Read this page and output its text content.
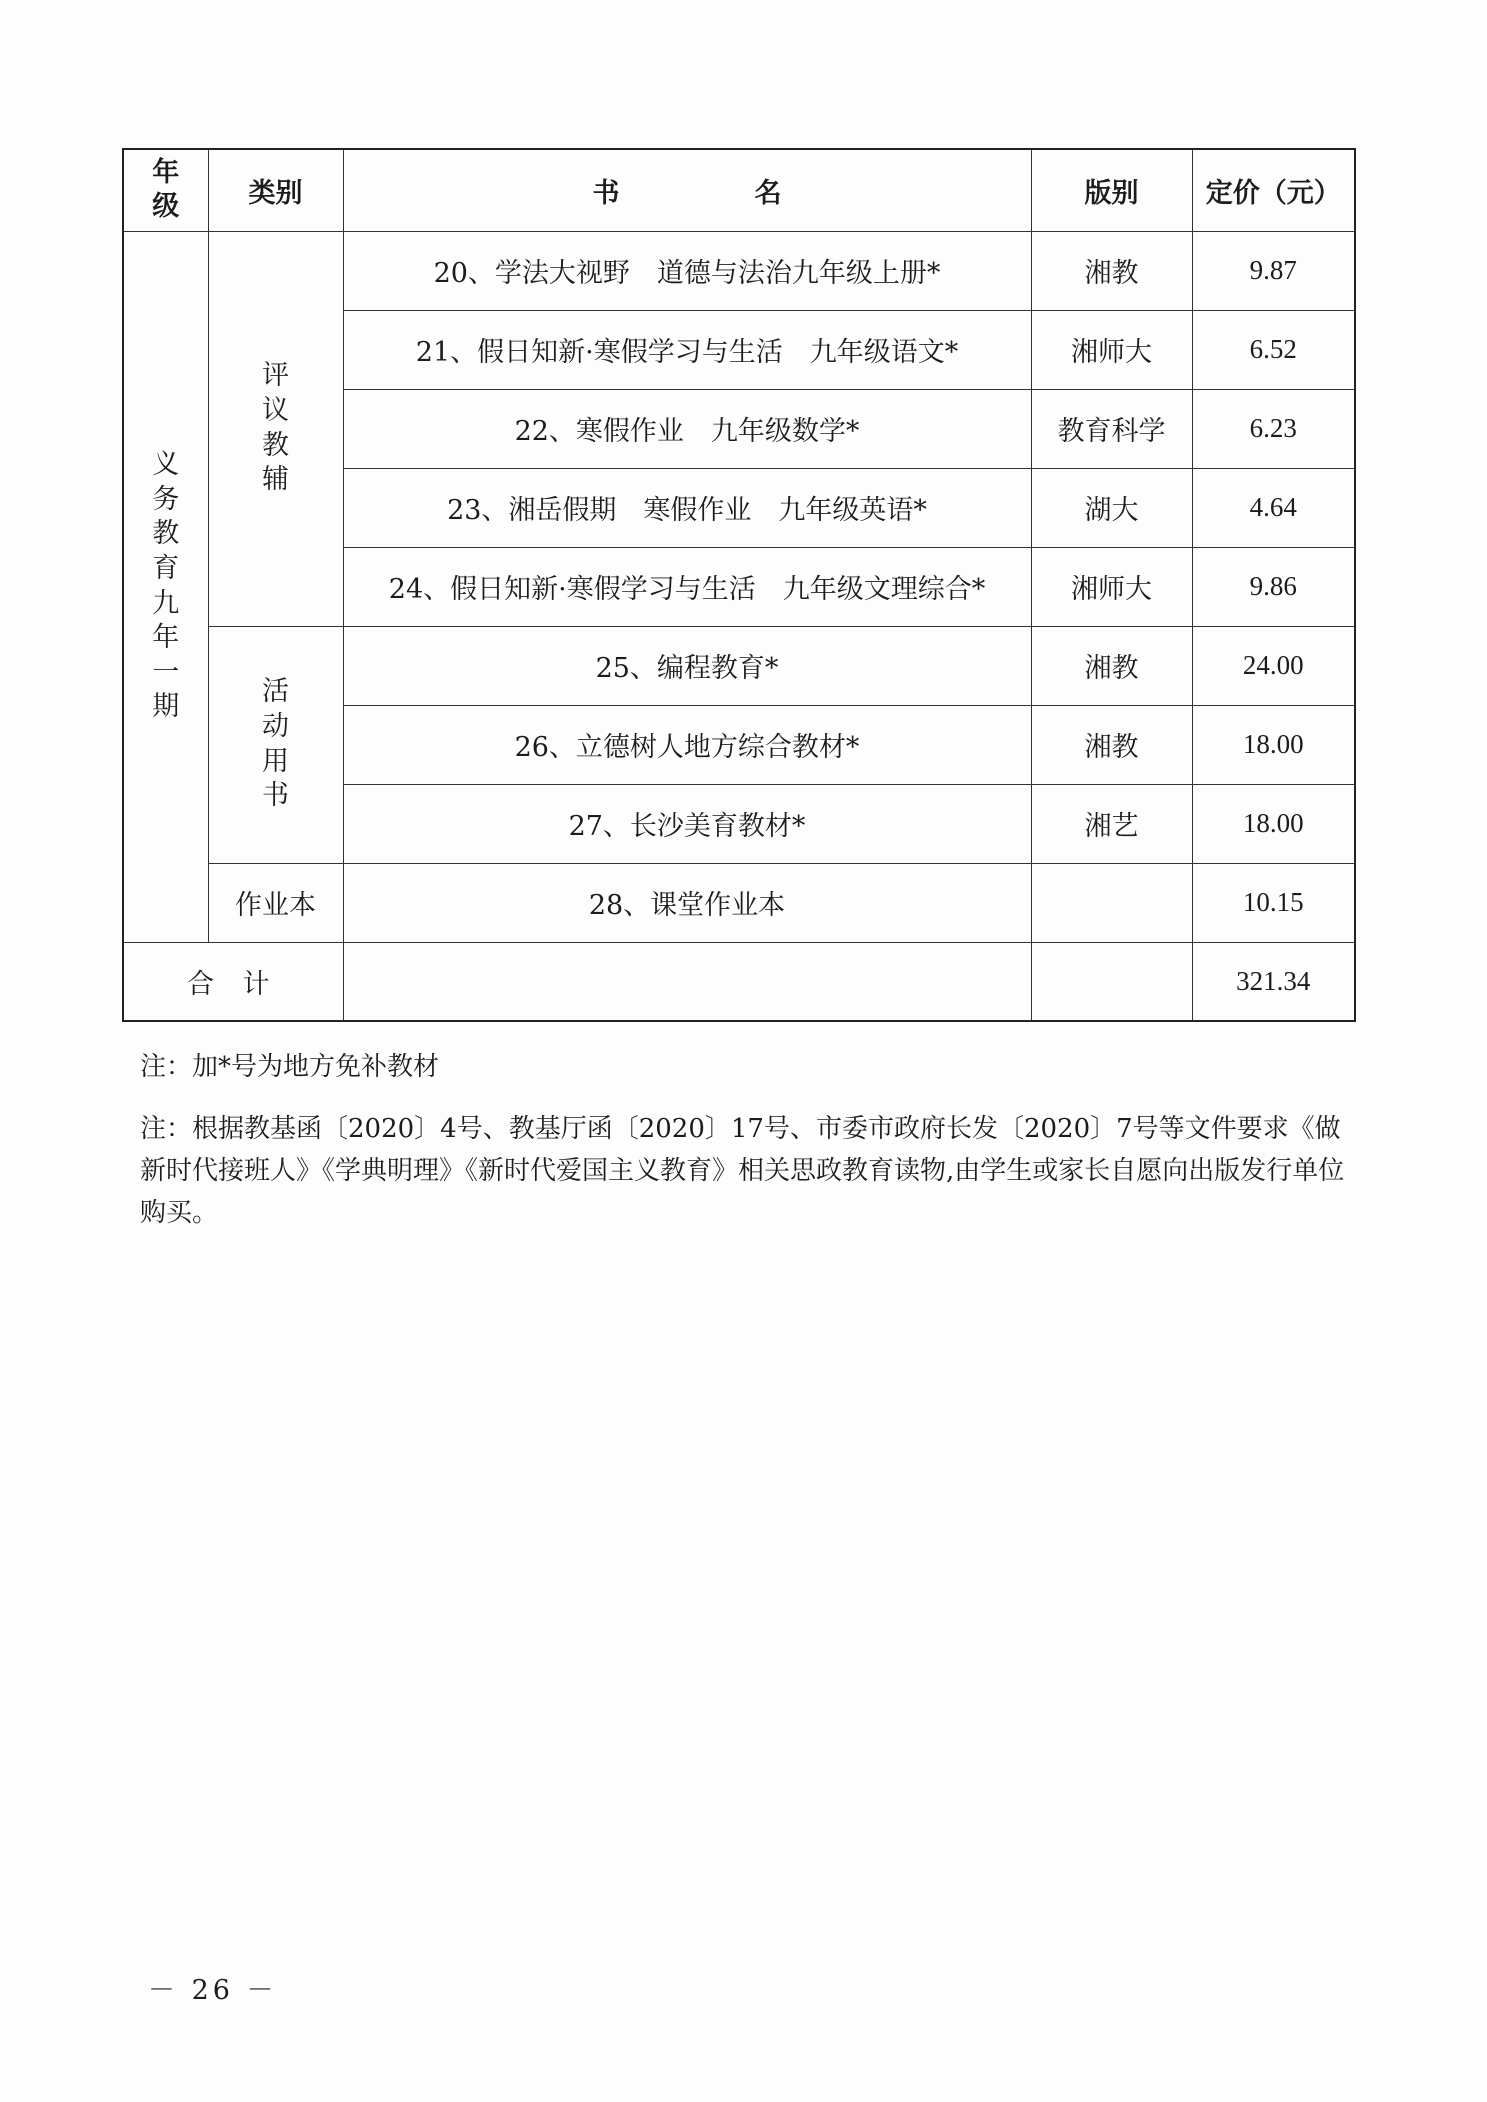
年级	类别	书　　　　　名	版别	定价（元）
义务教育九年一期	评议教辅	20、学法大视野　道德与法治九年级上册*	湘教	9.87
		21、假日知新·寒假学习与生活　九年级语文*	湘师大	6.52
		22、寒假作业　九年级数学*	教育科学	6.23
		23、湘岳假期　寒假作业　九年级英语*	湖大	4.64
		24、假日知新·寒假学习与生活　九年级文理综合*	湘师大	9.86
	活动用书	25、编程教育*	湘教	24.00
		26、立德树人地方综合教材*	湘教	18.00
		27、长沙美育教材*	湘艺	18.00
	作业本	28、课堂作业本		10.15
合 计				321.34
注：加*号为地方免补教材
注：根据教基函〔2020〕4号、教基厅函〔2020〕17号、市委市政府长发〔2020〕7号等文件要求《做新时代接班人》《学典明理》《新时代爱国主义教育》相关思政教育读物,由学生或家长自愿向出版发行单位购买。
－ 26 －
